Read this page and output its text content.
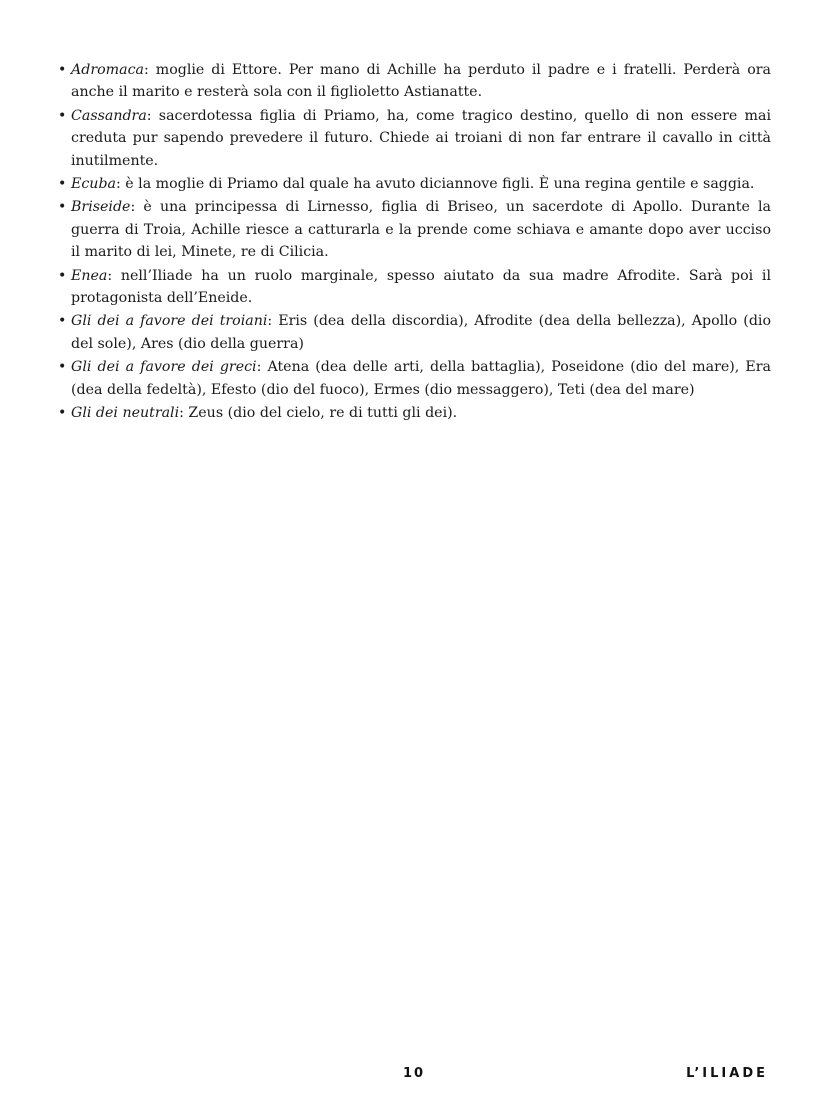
• Adromaca: moglie di Ettore. Per mano di Achille ha perduto il padre e i fratelli. Perderà ora anche il marito e resterà sola con il figlioletto Astianatte.
• Cassandra: sacerdotessa figlia di Priamo, ha, come tragico destino, quello di non essere mai creduta pur sapendo prevedere il futuro. Chiede ai troiani di non far entrare il cavallo in città inutilmente.
• Ecuba: è la moglie di Priamo dal quale ha avuto diciannove figli. È una regina gentile e saggia.
• Briseide: è una principessa di Lirnesso, figlia di Briseo, un sacerdote di Apollo. Durante la guerra di Troia, Achille riesce a catturarla e la prende come schiava e amante dopo aver ucciso il marito di lei, Minete, re di Cilicia.
• Enea: nell’Iliade ha un ruolo marginale, spesso aiutato da sua madre Afrodite. Sarà poi il protagonista dell’Eneide.
• Gli dei a favore dei troiani: Eris (dea della discordia), Afrodite (dea della bellezza), Apollo (dio del sole), Ares (dio della guerra)
• Gli dei a favore dei greci: Atena (dea delle arti, della battaglia), Poseidone (dio del mare), Era (dea della fedeltà), Efesto (dio del fuoco), Ermes (dio messaggero), Teti (dea del mare)
• Gli dei neutrali: Zeus (dio del cielo, re di tutti gli dei).
10	L’ILIADE
